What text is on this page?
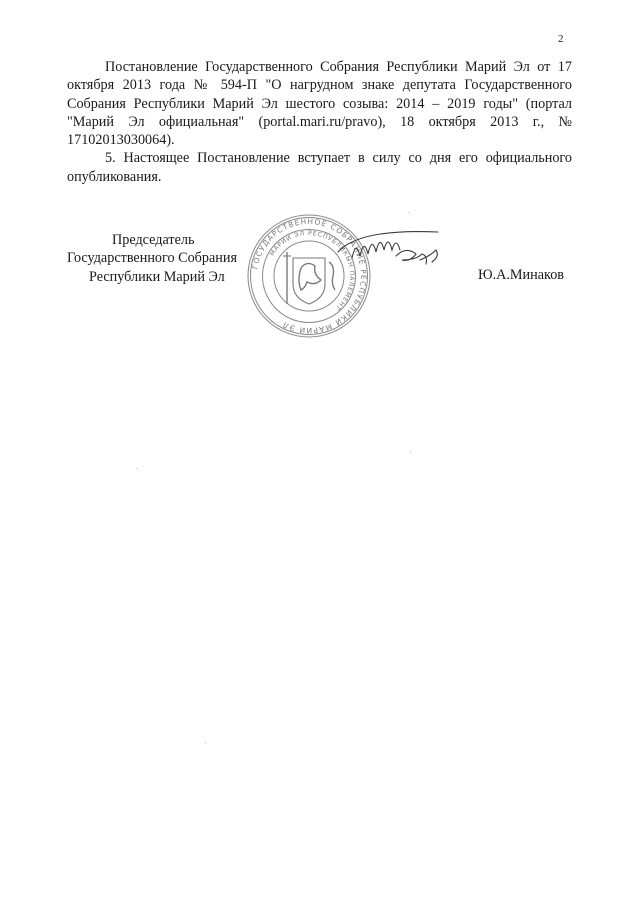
2

Постановление Государственного Собрания Республики Марий Эл от 17 октября 2013 года № 594-П "О нагрудном знаке депутата Государственного Собрания Республики Марий Эл шестого созыва: 2014 – 2019 годы" (портал "Марий Эл официальная" (portal.mari.ru/pravo), 18 октября 2013 г., № 17102013030064).

5. Настоящее Постановление вступает в силу со дня его официального опубликования.

Председатель
Государственного Собрания
Республики Марий Эл	Ю.А.Минаков
ГОСУДАРСТВЕННОЕ СОБРАНИЕ РЕСПУБЛИКИ МАРИЙ ЭЛ
МАРИЙ ЭЛ РЕСПУБЛИКЫН ПАЛЕМЕНТ
